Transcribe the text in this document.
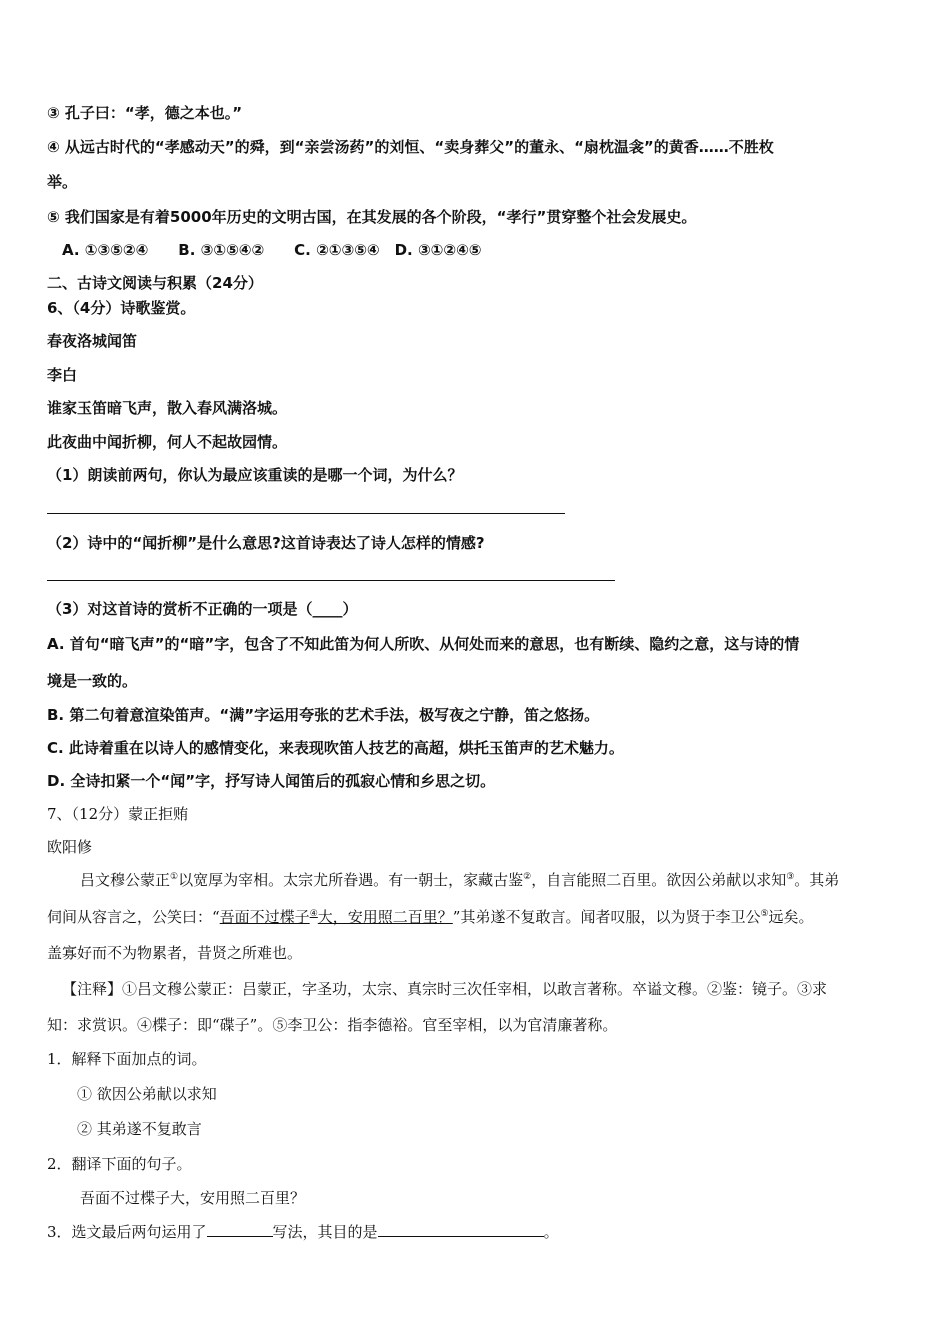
③ 孔子曰：“孝，德之本也。”
④ 从远古时代的“孝感动天”的舜，到“亲尝汤药”的刘恒、“卖身葬父”的董永、“扇枕温衾”的黄香……不胜枚
举。
⑤ 我们国家是有着5000年历史的文明古国，在其发展的各个阶段，“孝行”贯穿整个社会发展史。
A. ①③⑤②④　　B. ③①⑤④②　　C. ②①③⑤④　D. ③①②④⑤
二、古诗文阅读与积累（24分）
6、（4分）诗歌鉴赏。
春夜洛城闻笛
李白
谁家玉笛暗飞声，散入春风满洛城。
此夜曲中闻折柳，何人不起故园情。
（1）朗读前两句，你认为最应该重读的是哪一个词，为什么？
（2）诗中的“闻折柳”是什么意思?这首诗表达了诗人怎样的情感?
（3）对这首诗的赏析不正确的一项是（____）
A. 首句“暗飞声”的“暗”字，包含了不知此笛为何人所吹、从何处而来的意思，也有断续、隐约之意，这与诗的情
境是一致的。
B. 第二句着意渲染笛声。“满”字运用夸张的艺术手法，极写夜之宁静，笛之悠扬。
C. 此诗着重在以诗人的感情变化，来表现吹笛人技艺的高超，烘托玉笛声的艺术魅力。
D. 全诗扣紧一个“闻”字，抒写诗人闻笛后的孤寂心情和乡思之切。
7、（12分）蒙正拒贿
欧阳修
吕文穆公蒙正①以宽厚为宰相。太宗尤所眷遇。有一朝士，家藏古鉴②，自言能照二百里。欲因公弟献以求知③。其弟
伺间从容言之，公笑曰：“吾面不过楪子④大，安用照二百里？”其弟遂不复敢言。闻者叹服，以为贤于李卫公⑤远矣。
盖寡好而不为物累者，昔贤之所难也。
【注释】①吕文穆公蒙正：吕蒙正，字圣功，太宗、真宗时三次任宰相，以敢言著称。卒谥文穆。②鉴：镜子。③求
知：求赏识。④楪子：即“碟子”。⑤李卫公：指李德裕。官至宰相，以为官清廉著称。
1．解释下面加点的词。
① 欲因公弟献以求知
② 其弟遂不复敢言
2．翻译下面的句子。
吾面不过楪子大，安用照二百里？
3．选文最后两句运用了	写法，其目的是	。
